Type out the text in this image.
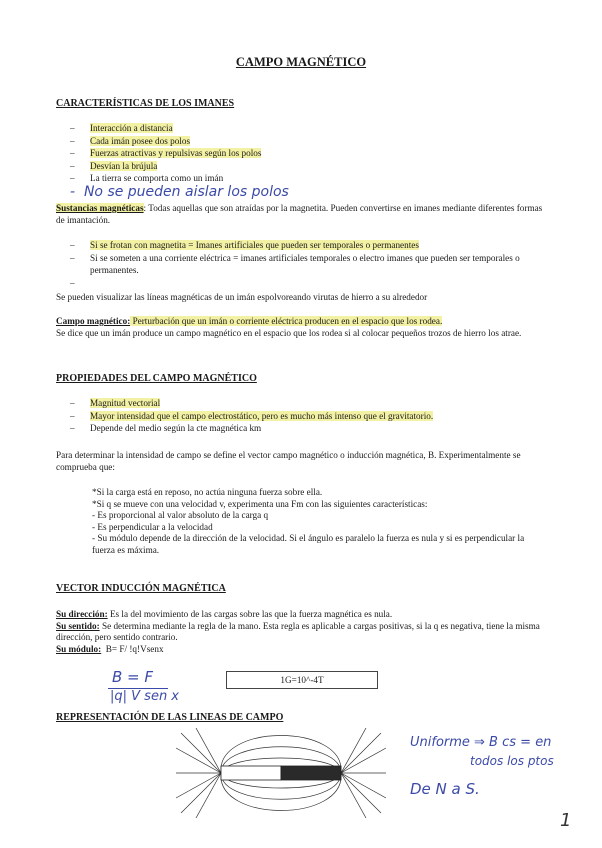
CAMPO MAGNÉTICO
CARACTERÍSTICAS DE LOS IMANES
– Interacción a distancia
– Cada imán posee dos polos
– Fuerzas atractivas y repulsivas según los polos
– Desvían la brújula
– La tierra se comporta como un imán
-  No se pueden aislar los polos
Sustancias magnéticas: Todas aquellas que son atraídas por la magnetita. Pueden convertirse en imanes mediante diferentes formas de imantación.
– Si se frotan con magnetita = Imanes artificiales que pueden ser temporales o permanentes
– Si se someten a una corriente eléctrica = imanes artificiales temporales o electro imanes que pueden ser temporales o permanentes.
Se pueden visualizar las líneas magnéticas de un imán espolvoreando virutas de hierro a su alrededor
Campo magnético: Perturbación que un imán o corriente eléctrica producen en el espacio que los rodea.
Se dice que un imán produce un campo magnético en el espacio que los rodea si al colocar pequeños trozos de hierro los atrae.
PROPIEDADES DEL CAMPO MAGNÉTICO
– Magnitud vectorial
– Mayor intensidad que el campo electrostático, pero es mucho más intenso que el gravitatorio.
– Depende del medio según la cte magnética km
Para determinar la intensidad de campo se define el vector campo magnético o inducción magnética, B. Experimentalmente se comprueba que:
*Si la carga está en reposo, no actúa ninguna fuerza sobre ella.
*Si q se mueve con una velocidad v, experimenta una Fm con las siguientes características:
- Es proporcional al valor absoluto de la carga q
- Es perpendicular a la velocidad
- Su módulo depende de la dirección de la velocidad. Si el ángulo es paralelo la fuerza es nula y si es perpendicular la fuerza es máxima.
VECTOR INDUCCIÓN MAGNÉTICA
Su dirección: Es la del movimiento de las cargas sobre las que la fuerza magnética es nula.
Su sentido: Se determina mediante la regla de la mano. Esta regla es aplicable a cargas positivas, si la q es negativa, tiene la misma dirección, pero sentido contrario.
Su módulo: B= F/ !q!Vsenx
B = F
|q| V sen x
1G=10^-4T
REPRESENTACIÓN DE LAS LINEAS DE CAMPO
Uniforme ⇒ B cs = en
todos los ptos
De N a S.
1
